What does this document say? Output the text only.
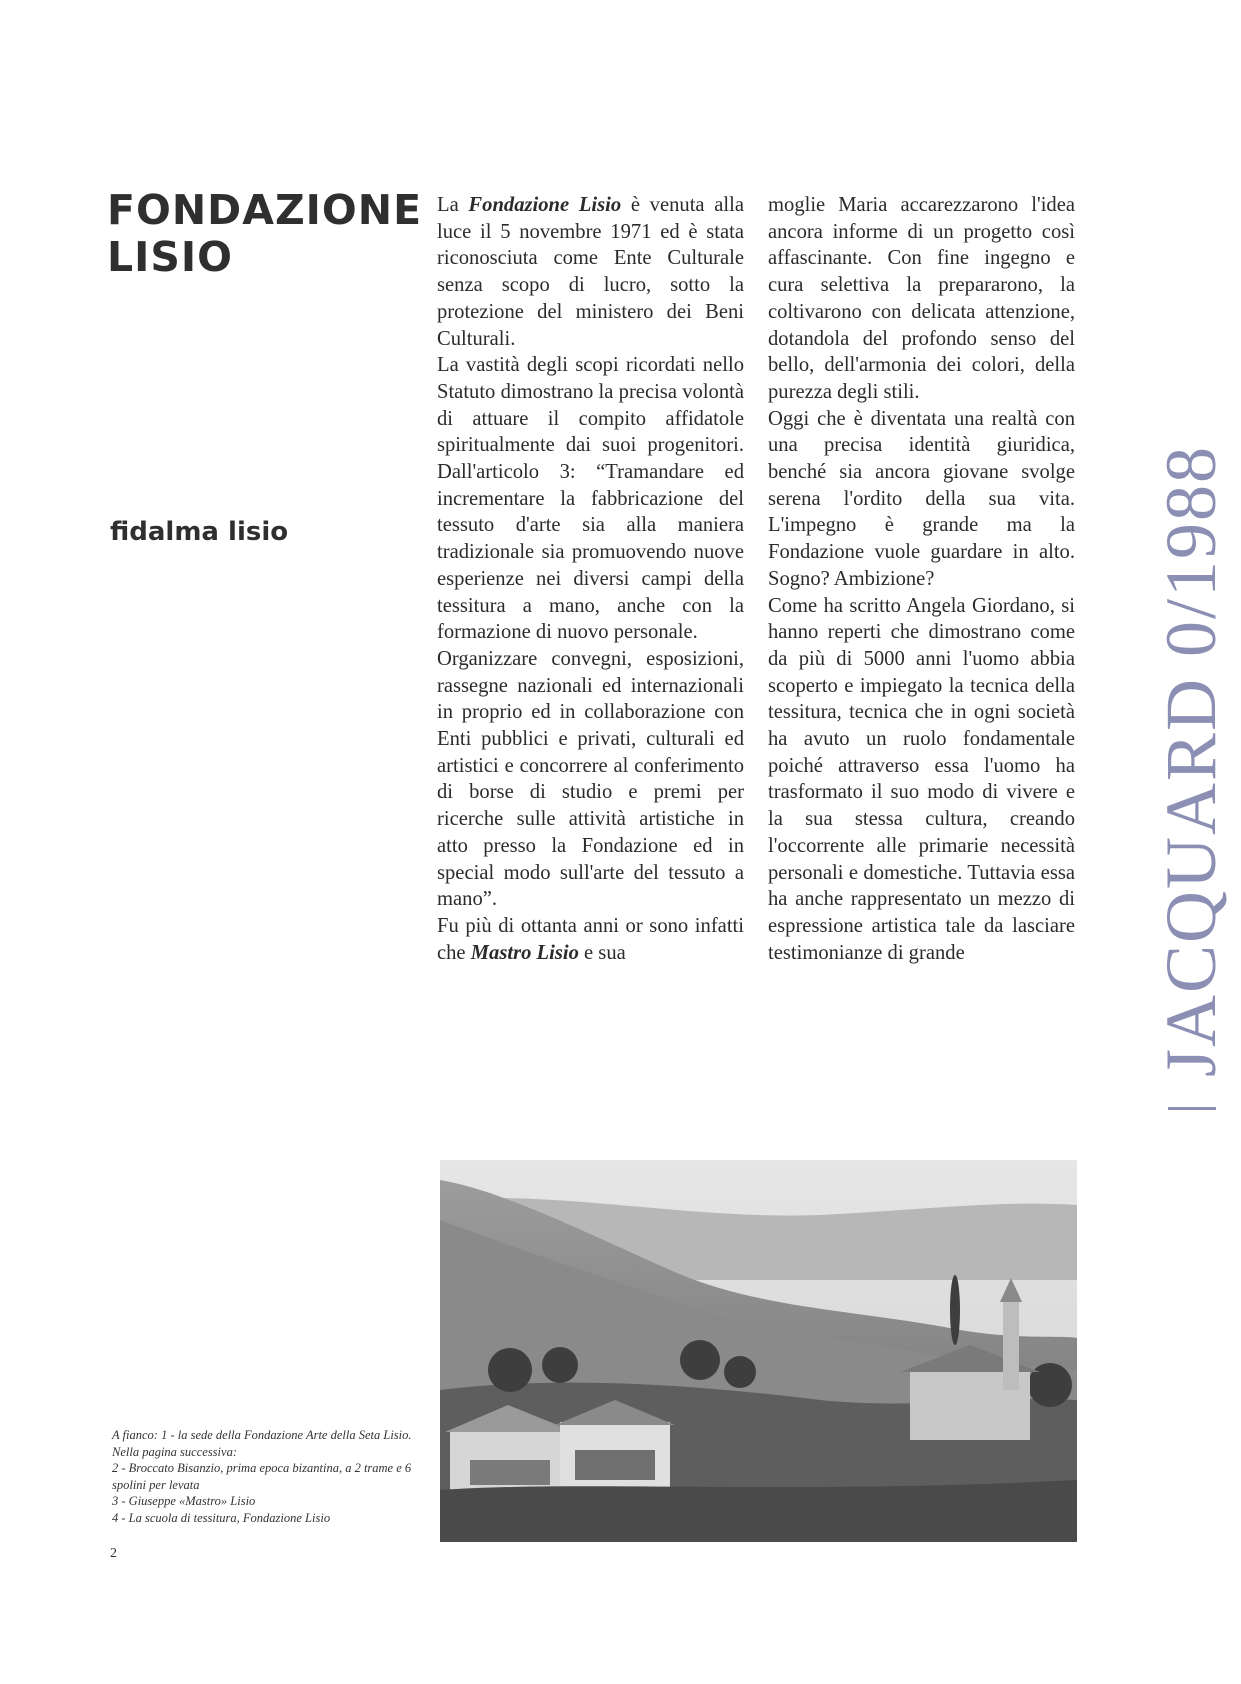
FONDAZIONE
LISIO
fidalma lisio

La Fondazione Lisio è venuta alla luce il 5 novembre 1971 ed è stata riconosciuta come Ente Culturale senza scopo di lucro, sotto la protezione del ministero dei Beni Culturali.

La vastità degli scopi ricordati nello Statuto dimostrano la precisa volontà di attuare il compito affidatole spiritualmente dai suoi progenitori. Dall'articolo 3: “Tramandare ed incrementare la fabbricazione del tessuto d'arte sia alla maniera tradizionale sia promuovendo nuove esperienze nei diversi campi della tessitura a mano, anche con la formazione di nuovo personale.

Organizzare convegni, esposizioni, rassegne nazionali ed internazionali in proprio ed in collaborazione con Enti pubblici e privati, culturali ed artistici e concorrere al conferimento di borse di studio e premi per ricerche sulle attività artistiche in atto presso la Fondazione ed in special modo sull'arte del tessuto a mano”.

Fu più di ottanta anni or sono infatti che Mastro Lisio e sua

moglie Maria accarezzarono l'idea ancora informe di un progetto così affascinante. Con fine ingegno e cura selettiva la prepararono, la coltivarono con delicata attenzione, dotandola del profondo senso del bello, dell'armonia dei colori, della purezza degli stili.

Oggi che è diventata una realtà con una precisa identità giuridica, benché sia ancora giovane svolge serena l'ordito della sua vita. L'impegno è grande ma la Fondazione vuole guardare in alto. Sogno? Ambizione?

Come ha scritto Angela Giordano, si hanno reperti che dimostrano come da più di 5000 anni l'uomo abbia scoperto e impiegato la tecnica della tessitura, tecnica che in ogni società ha avuto un ruolo fondamentale poiché attraverso essa l'uomo ha trasformato il suo modo di vivere e la sua stessa cultura, creando l'occorrente alle primarie necessità personali e domestiche. Tuttavia essa ha anche rappresentato un mezzo di espressione artistica tale da lasciare testimonianze di grande	JACQUARD 0/1988
A fianco: 1 - la sede della Fondazione Arte della Seta Lisio.
Nella pagina successiva:
2 - Broccato Bisanzio, prima epoca bizantina, a 2 trame e 6 spolini per levata
3 - Giuseppe «Mastro» Lisio
4 - La scuola di tessitura, Fondazione Lisio
2
